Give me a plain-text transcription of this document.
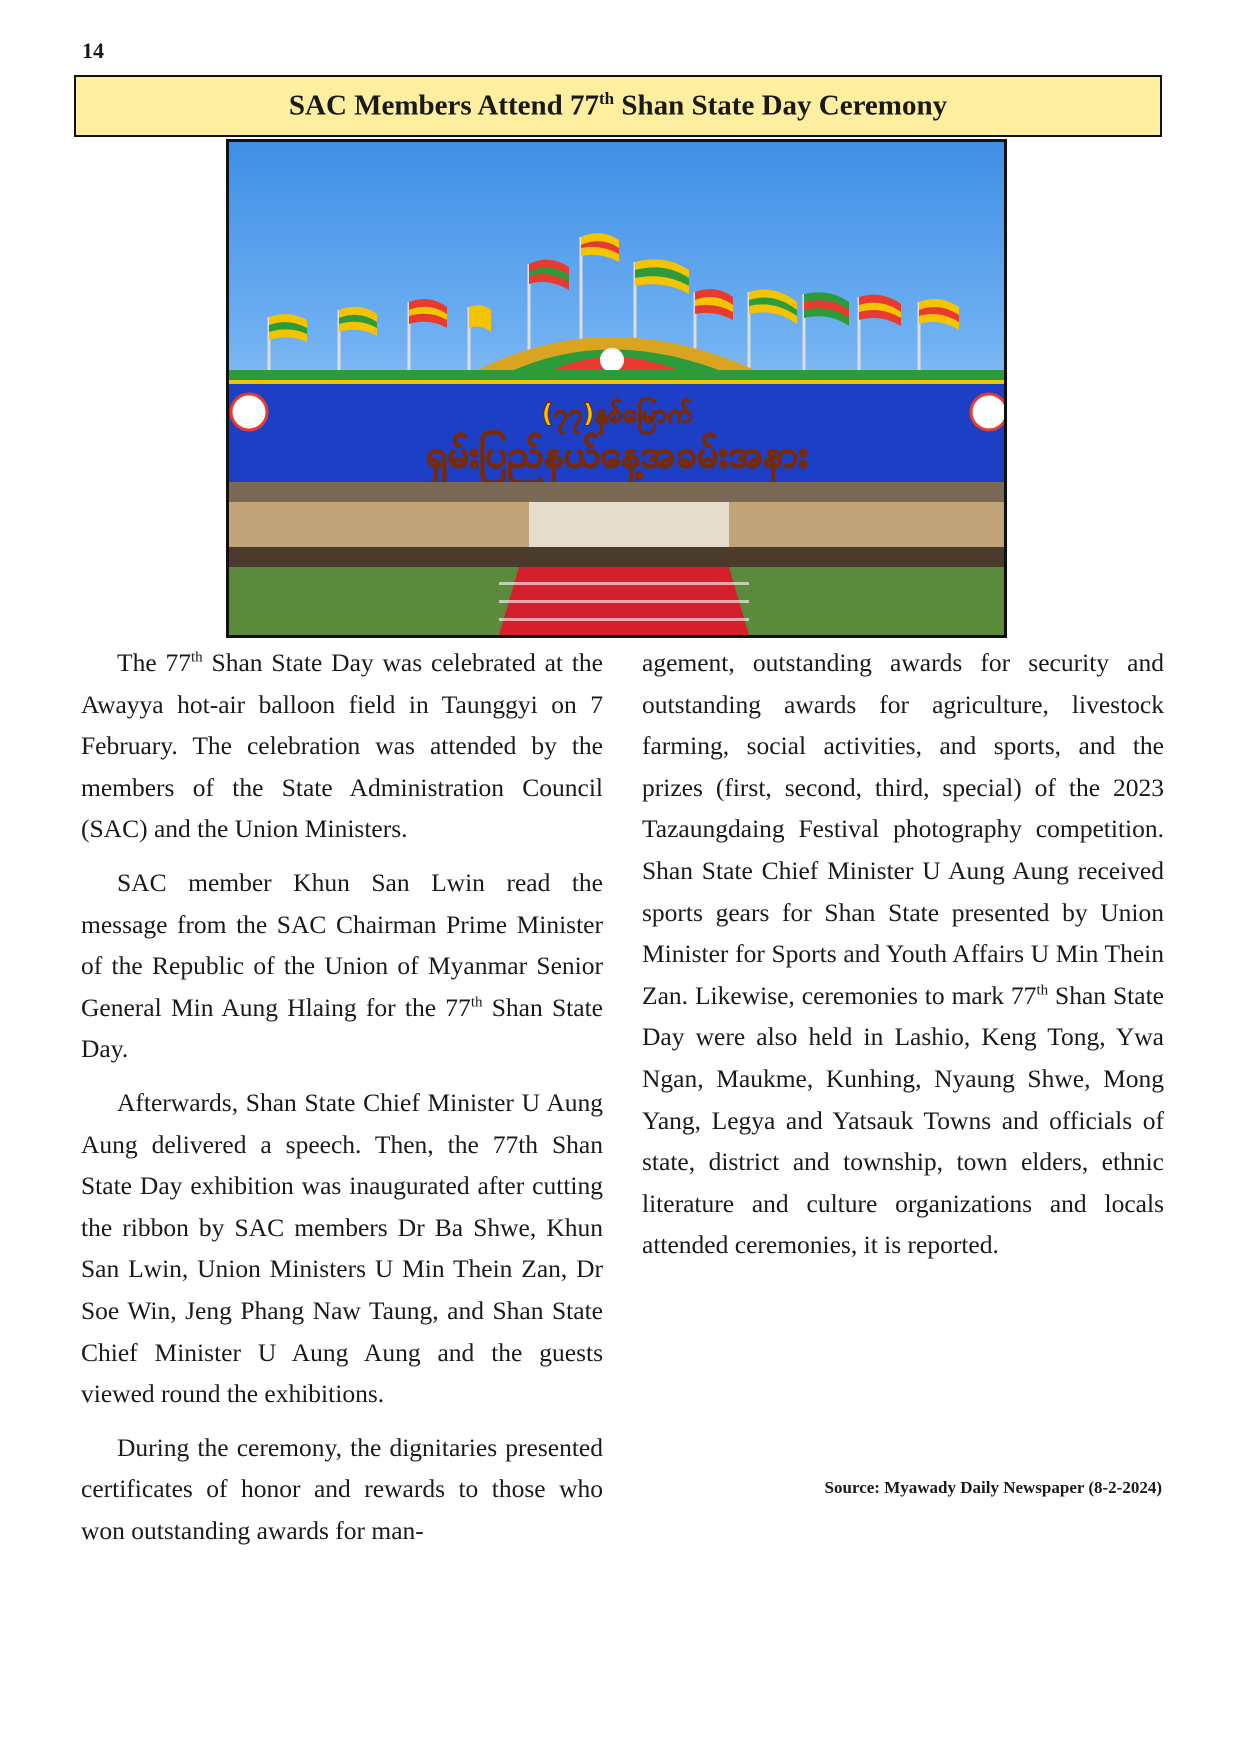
14
SAC Members Attend 77th Shan State Day Ceremony
(၇၇)နှစ်မြောက်
ရှမ်းပြည်နယ်နေ့အခမ်းအနား

The 77th Shan State Day was celebrated at the Awayya hot-air balloon field in Taunggyi on 7 February. The celebration was attended by the members of the State Administration Council (SAC) and the Union Ministers.

SAC member Khun San Lwin read the message from the SAC Chairman Prime Minister of the Republic of the Union of Myanmar Senior General Min Aung Hlaing for the 77th Shan State Day.

Afterwards, Shan State Chief Minister U Aung Aung delivered a speech. Then, the 77th Shan State Day exhibition was inaugurated after cutting the ribbon by SAC members Dr Ba Shwe, Khun San Lwin, Union Ministers U Min Thein Zan, Dr Soe Win, Jeng Phang Naw Taung, and Shan State Chief Minister U Aung Aung and the guests viewed round the exhibitions.

During the ceremony, the dignitaries presented certificates of honor and rewards to those who won outstanding awards for man-

agement, outstanding awards for security and outstanding awards for agriculture, livestock farming, social activities, and sports, and the prizes (first, second, third, special) of the 2023 Tazaungdaing Festival photography competition. Shan State Chief Minister U Aung Aung received sports gears for Shan State presented by Union Minister for Sports and Youth Affairs U Min Thein Zan. Likewise, ceremonies to mark 77th Shan State Day were also held in Lashio, Keng Tong, Ywa Ngan, Maukme, Kunhing, Nyaung Shwe, Mong Yang, Legya and Yatsauk Towns and officials of state, district and township, town elders, ethnic literature and culture organizations and locals attended ceremonies, it is reported.

Source: Myawady Daily Newspaper (8-2-2024)
